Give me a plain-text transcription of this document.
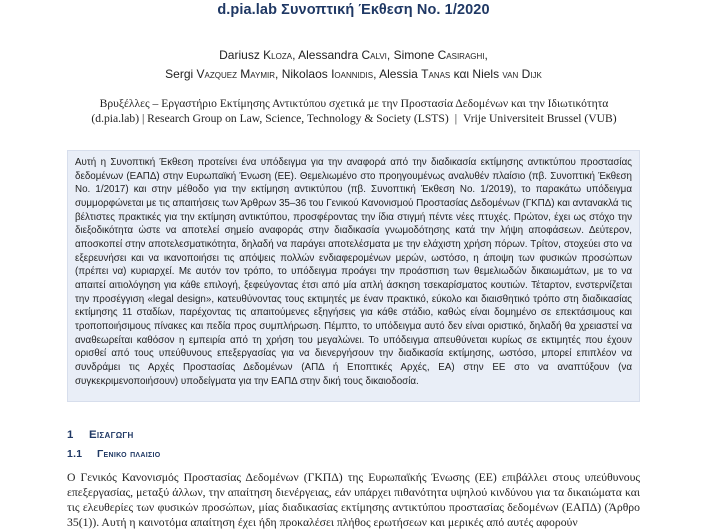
d.pia.lab Συνοπτική Έκθεση No. 1/2020
Dariusz Kloza, Alessandra Calvi, Simone Casiraghi,
Sergi Vazquez Maymir, Nikolaos Ioannidis, Alessia Tanas και Niels van Dijk
Βρυξέλλες – Εργαστήριο Εκτίμησης Αντικτύπου σχετικά με την Προστασία Δεδομένων και την Ιδιωτικότητα
(d.pia.lab) | Research Group on Law, Science, Technology & Society (LSTS) | Vrije Universiteit Brussel (VUB)
Αυτή η Συνοπτική Έκθεση προτείνει ένα υπόδειγμα για την αναφορά από την διαδικασία εκτίμησης αντικτύπου προστασίας δεδομένων (ΕΑΠΔ) στην Ευρωπαϊκή Ένωση (ΕΕ). Θεμελιωμένο στο προηγουμένως αναλυθέν πλαίσιο (πβ. Συνοπτική Έκθεση No. 1/2017) και στην μέθοδο για την εκτίμηση αντικτύπου (πβ. Συνοπτική Έκθεση No. 1/2019), το παρακάτω υπόδειγμα συμμορφώνεται με τις απαιτήσεις των Άρθρων 35–36 του Γενικού Κανονισμού Προστασίας Δεδομένων (ΓΚΠΔ) και αντανακλά τις βέλτιστες πρακτικές για την εκτίμηση αντικτύπου, προσφέροντας την ίδια στιγμή πέντε νέες πτυχές. Πρώτον, έχει ως στόχο την διεξοδικότητα ώστε να αποτελεί σημείο αναφοράς στην διαδικασία γνωμοδότησης κατά την λήψη αποφάσεων. Δεύτερον, αποσκοπεί στην αποτελεσματικότητα, δηλαδή να παράγει αποτελέσματα με την ελάχιστη χρήση πόρων. Τρίτον, στοχεύει στο να εξερευνήσει και να ικανοποιήσει τις απόψεις πολλών ενδιαφερομένων μερών, ωστόσο, η άποψη των φυσικών προσώπων (πρέπει να) κυριαρχεί. Με αυτόν τον τρόπο, το υπόδειγμα προάγει την προάσπιση των θεμελιωδών δικαιωμάτων, με το να απαιτεί αιτιολόγηση για κάθε επιλογή, ξεφεύγοντας έτσι από μία απλή άσκηση τσεκαρίσματος κουτιών. Τέταρτον, ενστερνίζεται την προσέγγιση «legal design», κατευθύνοντας τους εκτιμητές με έναν πρακτικό, εύκολο και διαισθητικό τρόπο στη διαδικασίας εκτίμησης 11 σταδίων, παρέχοντας τις απαιτούμενες εξηγήσεις για κάθε στάδιο, καθώς είναι δομημένο σε επεκτάσιμους και τροποποιήσιμους πίνακες και πεδία προς συμπλήρωση. Πέμπτο, το υπόδειγμα αυτό δεν είναι οριστικό, δηλαδή θα χρειαστεί να αναθεωρείται καθόσον η εμπειρία από τη χρήση του μεγαλώνει. Το υπόδειγμα απευθύνεται κυρίως σε εκτιμητές που έχουν ορισθεί από τους υπεύθυνους επεξεργασίας για να διενεργήσουν την διαδικασία εκτίμησης, ωστόσο, μπορεί επιπλέον να συνδράμει τις Αρχές Προστασίας Δεδομένων (ΑΠΔ ή Εποπτικές Αρχές, ΕΑ) στην ΕΕ στο να αναπτύξουν (να συγκεκριμενοποιήσουν) υποδείγματα για την ΕΑΠΔ στην δική τους δικαιοδοσία.
1 Εισαγωγη
1.1 Γενικο πλαισιο
Ο Γενικός Κανονισμός Προστασίας Δεδομένων (ΓΚΠΔ) της Ευρωπαϊκής Ένωσης (ΕΕ) επιβάλλει στους υπεύθυνους επεξεργασίας, μεταξύ άλλων, την απαίτηση διενέργειας, εάν υπάρχει πιθανότητα υψηλού κινδύνου για τα δικαιώματα και τις ελευθερίες των φυσικών προσώπων, μίας διαδικασίας εκτίμησης αντικτύπου προστασίας δεδομένων (ΕΑΠΔ) (Άρθρο 35(1)). Αυτή η καινοτόμα απαίτηση έχει ήδη προκαλέσει πλήθος ερωτήσεων και μερικές από αυτές αφορούν
